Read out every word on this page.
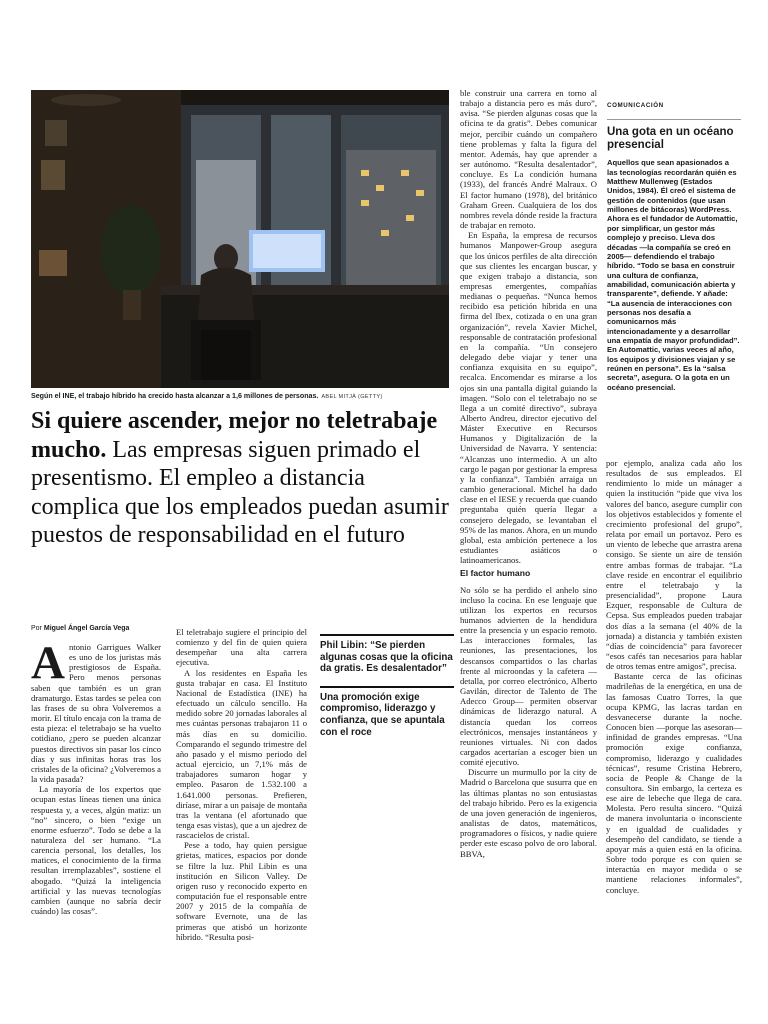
Según el INE, el trabajo híbrido ha crecido hasta alcanzar a 1,6 millones de personas. ABEL MITJÀ (GETTY)
Si quiere ascender, mejor no teletrabaje mucho. Las empresas siguen primado el presentismo. El empleo a distancia complica que los empleados puedan asumir puestos de responsabilidad en el futuro
Por Miguel Ángel García Vega

Antonio Garrigues Walker es uno de los juristas más prestigiosos de España. Pero menos personas saben que también es un gran dramaturgo. Estas tardes se pelea con las frases de su obra Volveremos a morir. El título encaja con la trama de esta pieza: el teletrabajo se ha vuelto cotidiano, ¿pero se pueden alcanzar puestos directivos sin pasar los cinco días y sus infinitas horas tras los cristales de la oficina? ¿Volveremos a la vida pasada?

La mayoría de los expertos que ocupan estas líneas tienen una única respuesta y, a veces, algún matiz: un “no” sincero, o bien “exige un enorme esfuerzo”. Todo se debe a la naturaleza del ser humano. “La carencia personal, los detalles, los matices, el conocimiento de la firma resultan irremplazables”, sostiene el abogado. “Quizá la inteligencia artificial y las nuevas tecnologías cambien (aunque no sabría decir cuándo) las cosas”.

El teletrabajo sugiere el principio del comienzo y del fin de quien quiera desempeñar una alta carrera ejecutiva.

A los residentes en España les gusta trabajar en casa. El Instituto Nacional de Estadística (INE) ha efectuado un cálculo sencillo. Ha medido sobre 20 jornadas laborales al mes cuántas personas trabajaron 11 o más días en su domicilio. Comparando el segundo trimestre del año pasado y el mismo periodo del actual ejercicio, un 7,1% más de trabajadores sumaron hogar y empleo. Pasaron de 1.532.100 a 1.641.000 personas. Prefieren, diríase, mirar a un paisaje de montaña tras la ventana (el afortunado que tenga esas vistas), que a un ajedrez de rascacielos de cristal.

Pese a todo, hay quien persigue grietas, matices, espacios por donde se filtre la luz. Phil Libin es una institución en Silicon Valley. De origen ruso y reconocido experto en computación fue el responsable entre 2007 y 2015 de la compañía de software Evernote, una de las primeras que atisbó un horizonte híbrido. “Resulta posi-

Phil Libin: “Se pierden algunas cosas que la oficina da gratis. Es desalentador”
Una promoción exige compromiso, liderazgo y confianza, que se apuntala con el roce

ble construir una carrera en torno al trabajo a distancia pero es más duro”, avisa. “Se pierden algunas cosas que la oficina te da gratis”. Debes comunicar mejor, percibir cuándo un compañero tiene problemas y falta la figura del mentor. Además, hay que aprender a ser autónomo. “Resulta desalentador”, concluye. Es La condición humana (1933), del francés André Malraux. O El factor humano (1978), del británico Graham Green. Cualquiera de los dos nombres revela dónde reside la fractura de trabajar en remoto.

En España, la empresa de recursos humanos Manpower-Group asegura que los únicos perfiles de alta dirección que sus clientes les encargan buscar, y que exigen trabajo a distancia, son empresas emergentes, compañías medianas o pequeñas. “Nunca hemos recibido esa petición híbrida en una firma del Ibex, cotizada o en una gran organización”, revela Xavier Michel, responsable de contratación profesional en la compañía. “Un consejero delegado debe viajar y tener una confianza exquisita en su equipo”, recalca. Encomendar es mirarse a los ojos sin una pantalla digital guiando la imagen. “Solo con el teletrabajo no se llega a un comité directivo”, subraya Alberto Andreu, director ejecutivo del Máster Executive en Recursos Humanos y Digitalización de la Universidad de Navarra. Y sentencia: “Alcanzas uno intermedio. A un alto cargo le pagan por gestionar la empresa y la confianza”. También arraiga un cambio generacional. Michel ha dado clase en el IESE y recuerda que cuando preguntaba quién quería llegar a consejero delegado, se levantaban el 95% de las manos. Ahora, en un mundo global, esta ambición pertenece a los estudiantes asiáticos o latinoamericanos.

El factor humano

No sólo se ha perdido el anhelo sino incluso la cocina. En ese lenguaje que utilizan los expertos en recursos humanos advierten de la hendidura entre la presencia y un espacio remoto. Las interacciones formales, las reuniones, las presentaciones, los descansos compartidos o las charlas frente al microondas y la cafetera —detalla, por correo electrónico, Alberto Gavilán, director de Talento de The Adecco Group— permiten observar dinámicas de liderazgo natural. A distancia quedan los correos electrónicos, mensajes instantáneos y reuniones virtuales. Ni con dados cargados acertarían a escoger bien un comité ejecutivo.

Discurre un murmullo por la city de Madrid o Barcelona que susurra que en las últimas plantas no son entusiastas del trabajo híbrido. Pero es la exigencia de una joven generación de ingenieros, analistas de datos, matemáticos, programadores o físicos, y nadie quiere perder este escaso polvo de oro laboral. BBVA,

por ejemplo, analiza cada año los resultados de sus empleados. El rendimiento lo mide un mánager a quien la institución “pide que viva los valores del banco, asegure cumplir con los objetivos establecidos y fomente el crecimiento profesional del grupo”, relata por email un portavoz. Pero es un viento de lebeche que arrastra arena consigo. Se siente un aire de tensión entre ambas formas de trabajar. “La clave reside en encontrar el equilibrio entre el teletrabajo y la presencialidad”, propone Laura Ezquer, responsable de Cultura de Cepsa. Sus empleados pueden trabajar dos días a la semana (el 40% de la jornada) a distancia y también existen “días de coincidencia” para favorecer “esos cafés tan necesarios para hablar de otros temas entre amigos”, precisa.

Bastante cerca de las oficinas madrileñas de la energética, en una de las famosas Cuatro Torres, la que ocupa KPMG, las lacras tardan en desvanecerse durante la noche. Conocen bien —porque las asesoran— infinidad de grandes empresas. “Una promoción exige confianza, compromiso, liderazgo y cualidades técnicas”, resume Cristina Hebrero, socia de People & Change de la consultora. Sin embargo, la certeza es ese aire de lebeche que llega de cara. Molesta. Pero resulta sincero. “Quizá de manera involuntaria o inconsciente y en igualdad de cualidades y desempeño del candidato, se tiende a apoyar más a quien está en la oficina. Sobre todo porque es con quien se interactúa en mayor medida o se mantiene relaciones informales”, concluye.

COMUNICACIÓN
Una gota en un océano presencial
Aquellos que sean apasionados a las tecnologías recordarán quién es Matthew Mullenweg (Estados Unidos, 1984). Él creó el sistema de gestión de contenidos (que usan millones de bitácoras) WordPress. Ahora es el fundador de Automattic, por simplificar, un gestor más complejo y preciso. Lleva dos décadas —la compañía se creó en 2005— defendiendo el trabajo híbrido. “Todo se basa en construir una cultura de confianza, amabilidad, comunicación abierta y transparente”, defiende. Y añade: “La ausencia de interacciones con personas nos desafía a comunicarnos más intencionadamente y a desarrollar una empatía de mayor profundidad”. En Automattic, varias veces al año, los equipos y divisiones viajan y se reúnen en persona”. Es la “salsa secreta”, asegura. O la gota en un océano presencial.
